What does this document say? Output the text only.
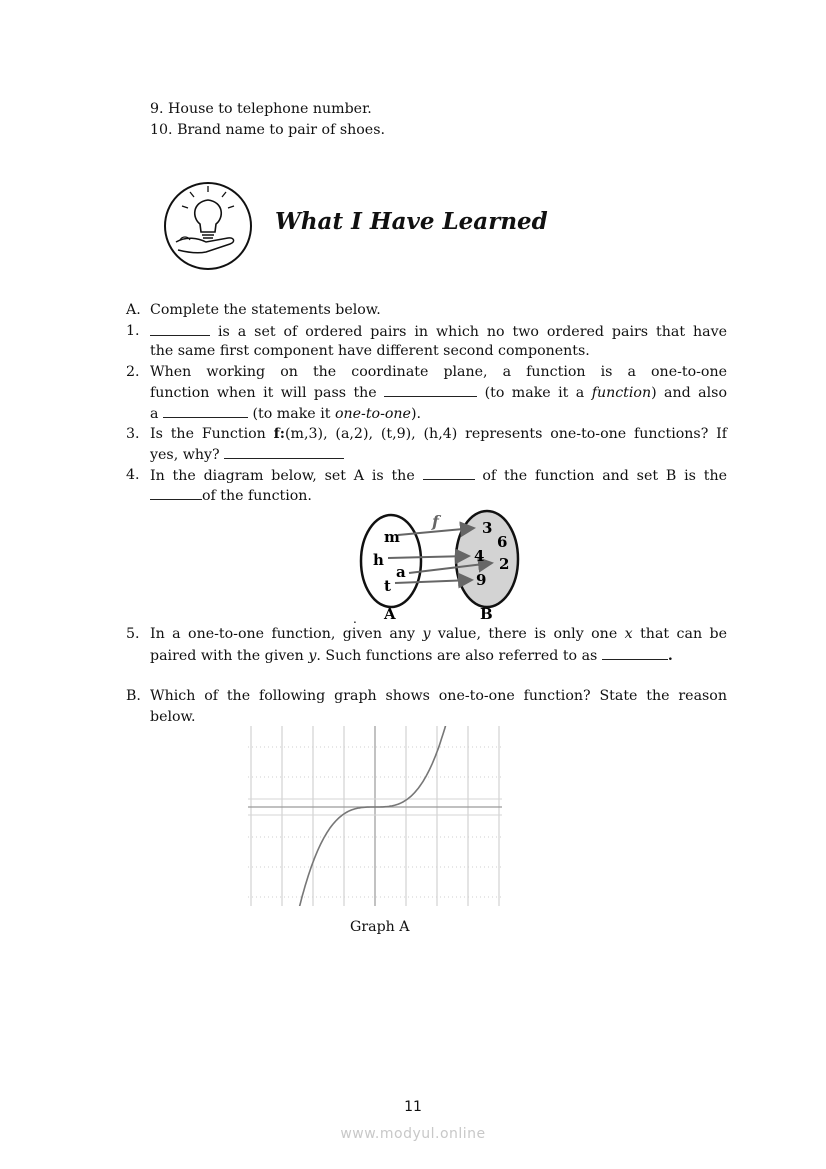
9. House to telephone number.
10. Brand name to pair of shoes.
What I Have Learned
A. Complete the statements below.
1.	is a set of ordered pairs in which no two ordered pairs that have
the same first component have different second components.
2. When working on the coordinate plane, a function is a one-to-one
function when it will pass the	(to make it a function) and also
a	(to make it one-to-one).
3. Is the Function f:(m,3), (a,2), (t,9), (h,4) represents one-to-one functions? If
yes, why?
4. In the diagram below, set A is the	of the function and set B is the
of the function.
f
m
h
a
t
3
6
4 2
9
A	B
.
5. In a one-to-one function, given any y value, there is only one x that can be
paired with the given y. Such functions are also referred to as	.
B. Which of the following graph shows one-to-one function? State the reason
below.
Graph A
11
www.modyul.online
